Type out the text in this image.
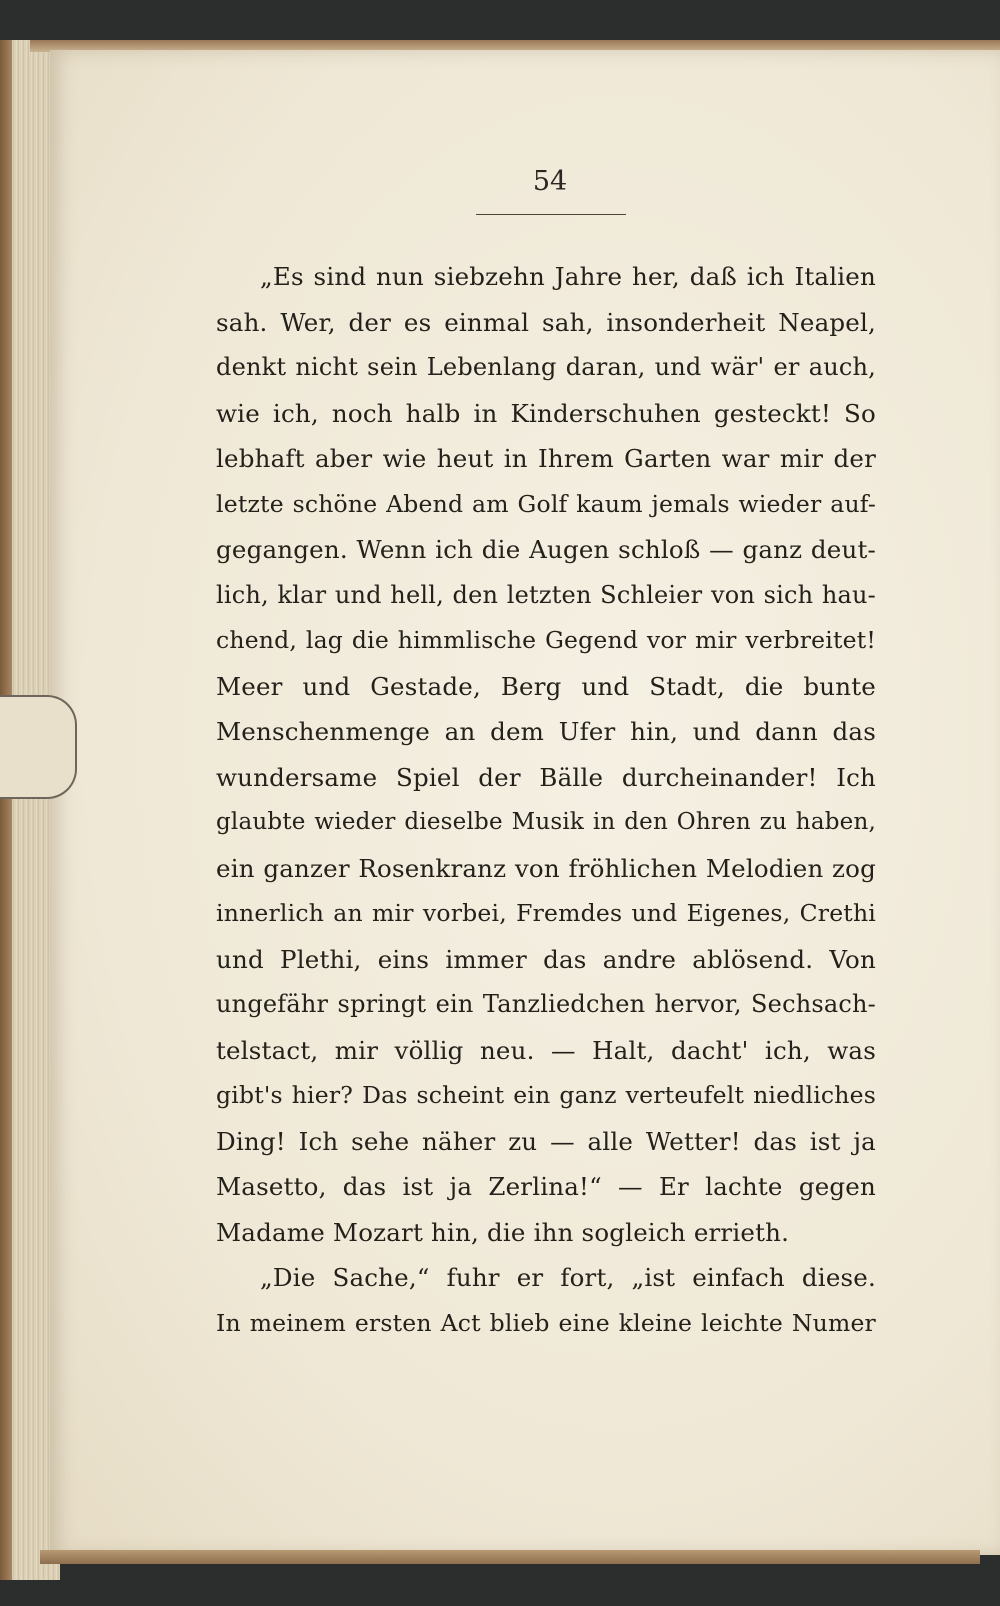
54
„Es sind nun siebzehn Jahre her, daß ich Italien
sah. Wer, der es einmal sah, insonderheit Neapel,
denkt nicht sein Lebenlang daran, und wär' er auch,
wie ich, noch halb in Kinderschuhen gesteckt! So
lebhaft aber wie heut in Ihrem Garten war mir der
letzte schöne Abend am Golf kaum jemals wieder auf-
gegangen. Wenn ich die Augen schloß — ganz deut-
lich, klar und hell, den letzten Schleier von sich hau-
chend, lag die himmlische Gegend vor mir verbreitet!
Meer und Gestade, Berg und Stadt, die bunte
Menschenmenge an dem Ufer hin, und dann das
wundersame Spiel der Bälle durcheinander! Ich
glaubte wieder dieselbe Musik in den Ohren zu haben,
ein ganzer Rosenkranz von fröhlichen Melodien zog
innerlich an mir vorbei, Fremdes und Eigenes, Crethi
und Plethi, eins immer das andre ablösend. Von
ungefähr springt ein Tanzliedchen hervor, Sechsach-
telstact, mir völlig neu. — Halt, dacht' ich, was
gibt's hier? Das scheint ein ganz verteufelt niedliches
Ding! Ich sehe näher zu — alle Wetter! das ist ja
Masetto, das ist ja Zerlina!“ — Er lachte gegen
Madame Mozart hin, die ihn sogleich errieth.
„Die Sache,“ fuhr er fort, „ist einfach diese.
In meinem ersten Act blieb eine kleine leichte Numer
